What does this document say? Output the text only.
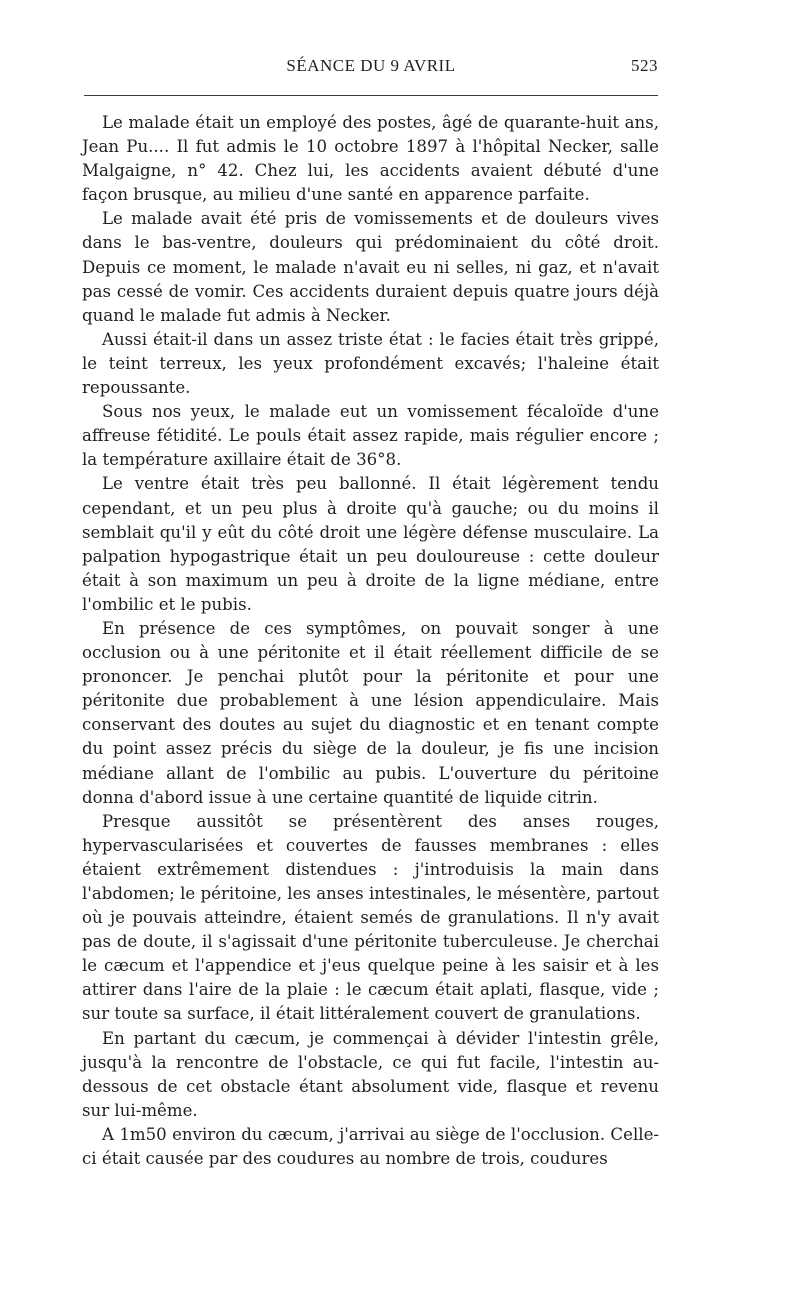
SÉANCE DU 9 AVRIL	523

Le malade était un employé des postes, âgé de quarante-huit ans, Jean Pu.... Il fut admis le 10 octobre 1897 à l'hôpital Necker, salle Malgaigne, n° 42. Chez lui, les accidents avaient débuté d'une façon brusque, au milieu d'une santé en apparence parfaite.

Le malade avait été pris de vomissements et de douleurs vives dans le bas-ventre, douleurs qui prédominaient du côté droit. Depuis ce moment, le malade n'avait eu ni selles, ni gaz, et n'avait pas cessé de vomir. Ces accidents duraient depuis quatre jours déjà quand le malade fut admis à Necker.

Aussi était-il dans un assez triste état : le facies était très grippé, le teint terreux, les yeux profondément excavés; l'haleine était repoussante.

Sous nos yeux, le malade eut un vomissement fécaloïde d'une affreuse fétidité. Le pouls était assez rapide, mais régulier encore ; la température axillaire était de 36°8.

Le ventre était très peu ballonné. Il était légèrement tendu cependant, et un peu plus à droite qu'à gauche; ou du moins il semblait qu'il y eût du côté droit une légère défense musculaire. La palpation hypogastrique était un peu douloureuse : cette douleur était à son maximum un peu à droite de la ligne médiane, entre l'ombilic et le pubis.

En présence de ces symptômes, on pouvait songer à une occlusion ou à une péritonite et il était réellement difficile de se prononcer. Je penchai plutôt pour la péritonite et pour une péritonite due probablement à une lésion appendiculaire. Mais conservant des doutes au sujet du diagnostic et en tenant compte du point assez précis du siège de la douleur, je fis une incision médiane allant de l'ombilic au pubis. L'ouverture du péritoine donna d'abord issue à une certaine quantité de liquide citrin.

Presque aussitôt se présentèrent des anses rouges, hypervascularisées et couvertes de fausses membranes : elles étaient extrêmement distendues : j'introduisis la main dans l'abdomen; le péritoine, les anses intestinales, le mésentère, partout où je pouvais atteindre, étaient semés de granulations. Il n'y avait pas de doute, il s'agissait d'une péritonite tuberculeuse. Je cherchai le cæcum et l'appendice et j'eus quelque peine à les saisir et à les attirer dans l'aire de la plaie : le cæcum était aplati, flasque, vide ; sur toute sa surface, il était littéralement couvert de granulations.

En partant du cæcum, je commençai à dévider l'intestin grêle, jusqu'à la rencontre de l'obstacle, ce qui fut facile, l'intestin au-dessous de cet obstacle étant absolument vide, flasque et revenu sur lui-même.

A 1m50 environ du cæcum, j'arrivai au siège de l'occlusion. Celle-ci était causée par des coudures au nombre de trois, coudures
